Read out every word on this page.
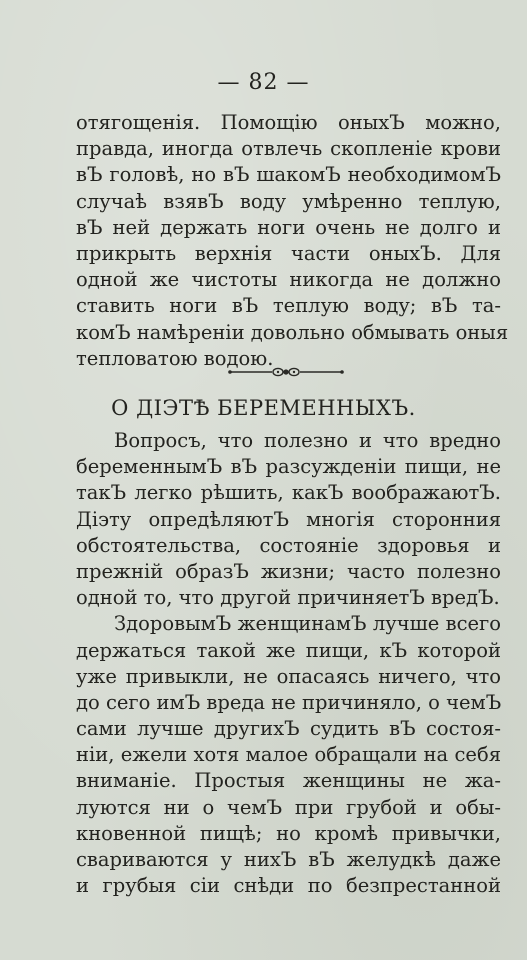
— 82 —
отягощенія. Помощію оныхЪ можно,
правда, иногда отвлечь скопленіе крови
вЪ головѣ, но вЪ шакомЪ необходимомЪ
случаѣ взявЪ воду умѣренно теплую,
вЪ ней держать ноги очень не долго и
прикрыть верхнія части оныхЪ. Для
одной же чистоты никогда не должно
ставить ноги вЪ теплую воду; вЪ та-
комЪ намѣреніи довольно обмывать оныя
тепловатою водою.
О ДІЭТѢ БЕРЕМЕННЫХЪ.
Вопросъ, что полезно и что вредно
беременнымЪ вЪ разсужденіи пищи, не
такЪ легко рѣшить, какЪ воображаютЪ.
Діэту опредѣляютЪ многія сторонния
обстоятельства, состояніе здоровья и
прежній образЪ жизни; часто полезно
одной то, что другой причиняетЪ вредЪ.
ЗдоровымЪ женщинамЪ лучше всего
держаться такой же пищи, кЪ которой
уже привыкли, не опасаясь ничего, что
до сего имЪ вреда не причиняло, о чемЪ
сами лучше другихЪ судить вЪ состоя-
ніи, ежели хотя малое обращали на себя
вниманіе. Простыя женщины не жа-
луются ни о чемЪ при грубой и обы-
кновенной пищѣ; но кромѣ привычки,
свариваются у нихЪ вЪ желудкѣ даже
и грубыя сіи снѣди по безпрестанной
